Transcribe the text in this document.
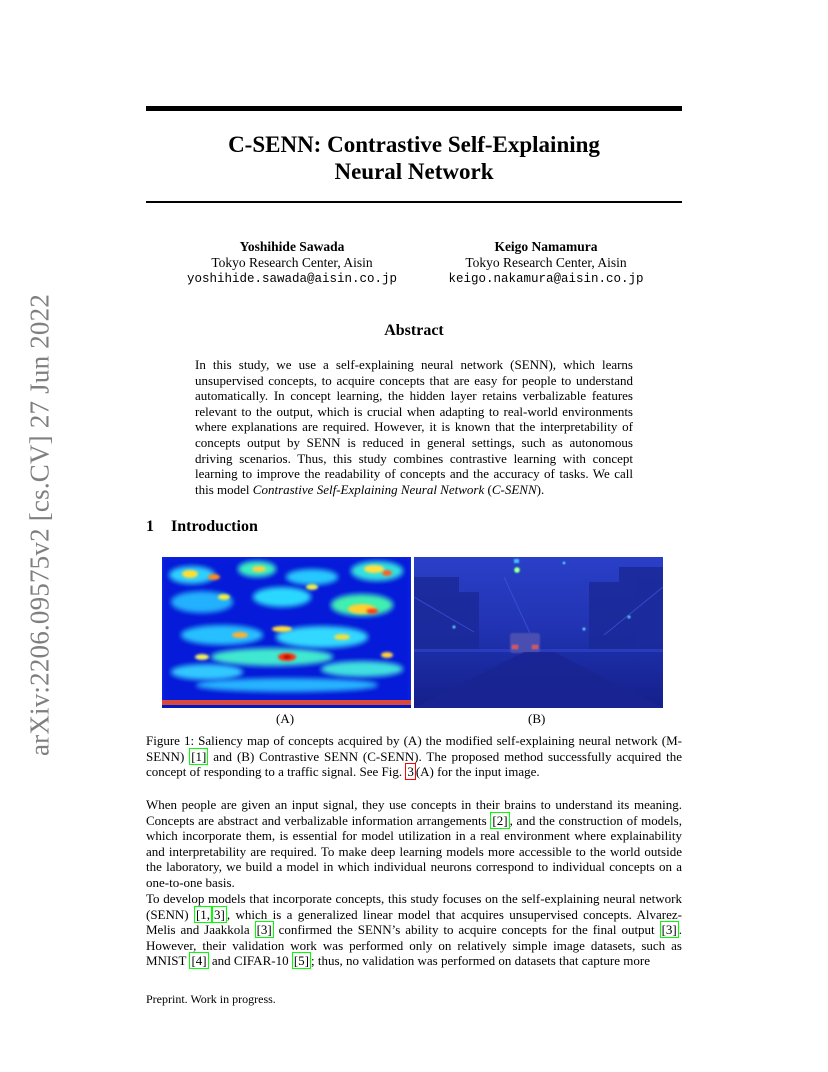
arXiv:2206.09575v2 [cs.CV] 27 Jun 2022
C-SENN: Contrastive Self-Explaining
Neural Network
Yoshihide Sawada
Tokyo Research Center, Aisin
yoshihide.sawada@aisin.co.jp
Keigo Namamura
Tokyo Research Center, Aisin
keigo.nakamura@aisin.co.jp
Abstract
In this study, we use a self-explaining neural network (SENN), which learns unsupervised concepts, to acquire concepts that are easy for people to understand automatically. In concept learning, the hidden layer retains verbalizable features relevant to the output, which is crucial when adapting to real-world environments where explanations are required. However, it is known that the interpretability of concepts output by SENN is reduced in general settings, such as autonomous driving scenarios. Thus, this study combines contrastive learning with concept learning to improve the readability of concepts and the accuracy of tasks. We call this model Contrastive Self-Explaining Neural Network (C-SENN).
1 Introduction
(A)	(B)
Figure 1: Saliency map of concepts acquired by (A) the modified self-explaining neural network (M-SENN) [1] and (B) Contrastive SENN (C-SENN). The proposed method successfully acquired the concept of responding to a traffic signal. See Fig. 3 (A) for the input image.
When people are given an input signal, they use concepts in their brains to understand its meaning. Concepts are abstract and verbalizable information arrangements [2] , and the construction of models, which incorporate them, is essential for model utilization in a real environment where explainability and interpretability are required. To make deep learning models more accessible to the world outside the laboratory, we build a model in which individual neurons correspond to individual concepts on a one-to-one basis.
To develop models that incorporate concepts, this study focuses on the self-explaining neural network (SENN) [1, 3] , which is a generalized linear model that acquires unsupervised concepts. Alvarez-Melis and Jaakkola [3] confirmed the SENN’s ability to acquire concepts for the final output [3] . However, their validation work was performed only on relatively simple image datasets, such as MNIST [4] and CIFAR-10 [5] ; thus, no validation was performed on datasets that capture more
Preprint. Work in progress.
